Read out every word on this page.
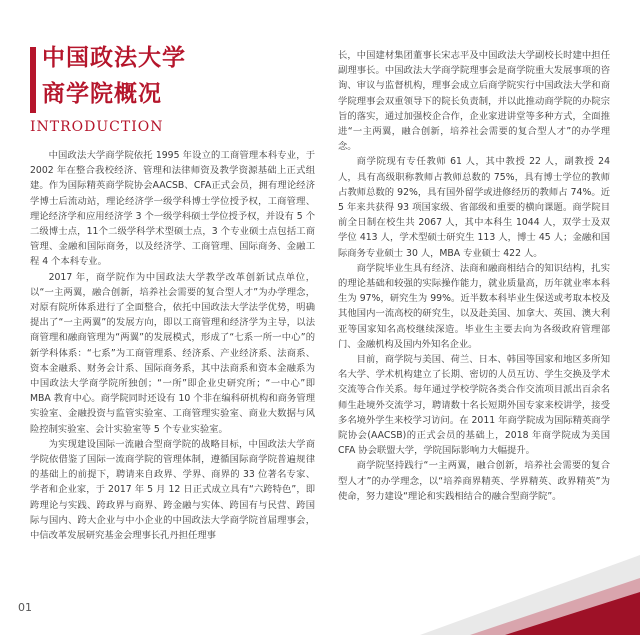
中国政法大学
商学院概况
INTRODUCTION

中国政法大学商学院依托 1995 年设立的工商管理本科专业，于 2002 年在整合我校经济、管理和法律师资及教学资源基础上正式组建。作为国际精英商学院协会AACSB、CFA正式会员，拥有理论经济学博士后流动站，理论经济学一级学科博士学位授予权，工商管理、理论经济学和应用经济学 3 个一级学科硕士学位授予权，并设有 5 个二级博士点，11个二级学科学术型硕士点，3 个专业硕士点包括工商管理、金融和国际商务，以及经济学、工商管理、国际商务、金融工程 4 个本科专业。

2017 年，商学院作为中国政法大学教学改革创新试点单位，以“一主两翼，融合创新，培养社会需要的复合型人才”为办学理念，对原有院所体系进行了全面整合，依托中国政法大学法学优势，明确提出了“一主两翼”的发展方向，即以工商管理和经济学为主导，以法商管理和融商管理为“两翼”的发展模式，形成了“七系一所一中心”的新学科体系：“七系”为工商管理系、经济系、产业经济系、法商系、资本金融系、财务会计系、国际商务系，其中法商系和资本金融系为中国政法大学商学院所独创；“一所”即企业史研究所；“一中心”即 MBA 教育中心。商学院同时还设有 10 个非在编科研机构和商务管理实验室、金融投资与监管实验室、工商管理实验室、商业大数据与风险控制实验室、会计实验室等 5 个专业实验室。

为实现建设国际一流融合型商学院的战略目标，中国政法大学商学院依借鉴了国际一流商学院的管理体制，遵循国际商学院普遍规律的基础上的前提下，聘请来自政界、学界、商界的 33 位著名专家、学者和企业家，于 2017 年 5 月 12 日正式成立具有“六跨特色”，即跨理论与实践、跨政界与商界、跨金融与实体、跨国有与民营、跨国际与国内、跨大企业与中小企业的中国政法大学商学院首届理事会，中信改革发展研究基金会理事长孔丹担任理事

长，中国建材集团董事长宋志平及中国政法大学副校长时建中担任副理事长。中国政法大学商学院理事会是商学院重大发展事项的咨询、审议与监督机构，理事会成立后商学院实行中国政法大学和商学院理事会双重领导下的院长负责制，并以此推动商学院的办院宗旨的落实，通过加强校企合作，企业家进讲堂等多种方式，全面推进“一主两翼，融合创新，培养社会需要的复合型人才”的办学理念。

商学院现有专任教师 61 人，其中教授 22 人，副教授 24 人，具有高级职称教师占教师总数的 75%，具有博士学位的教师占教师总数的 92%，具有国外留学或进修经历的教师占 74%。近 5 年来共获得 93 项国家级、省部级和重要的横向课题。商学院目前全日制在校生共 2067 人，其中本科生 1044 人，双学士及双学位 413 人，学术型硕士研究生 113 人，博士 45 人；金融和国际商务专业硕士 30 人，MBA 专业硕士 422 人。

商学院毕业生具有经济、法商和融商相结合的知识结构，扎实的理论基础和较强的实际操作能力，就业质量高，历年就业率本科生为 97%，研究生为 99%。近半数本科毕业生保送或考取本校及其他国内一流高校的研究生，以及赴美国、加拿大、英国、澳大利亚等国家知名高校继续深造。毕业生主要去向为各级政府管理部门、金融机构及国内外知名企业。

目前，商学院与美国、荷兰、日本、韩国等国家和地区多所知名大学、学术机构建立了长期、密切的人员互访、学生交换及学术交流等合作关系。每年通过学校学院各类合作交流项目派出百余名师生赴境外交流学习，聘请数十名长短期外国专家来校讲学，接受多名境外学生来校学习访问。在 2011 年商学院成为国际精英商学院协会(AACSB)的正式会员的基础上，2018 年商学院成为美国 CFA 协会联盟大学，学院国际影响力大幅提升。

商学院坚持践行“一主两翼，融合创新，培养社会需要的复合型人才”的办学理念，以“培养商界精英、学界精英、政界精英”为使命，努力建设“理论和实践相结合的融合型商学院”。

01
